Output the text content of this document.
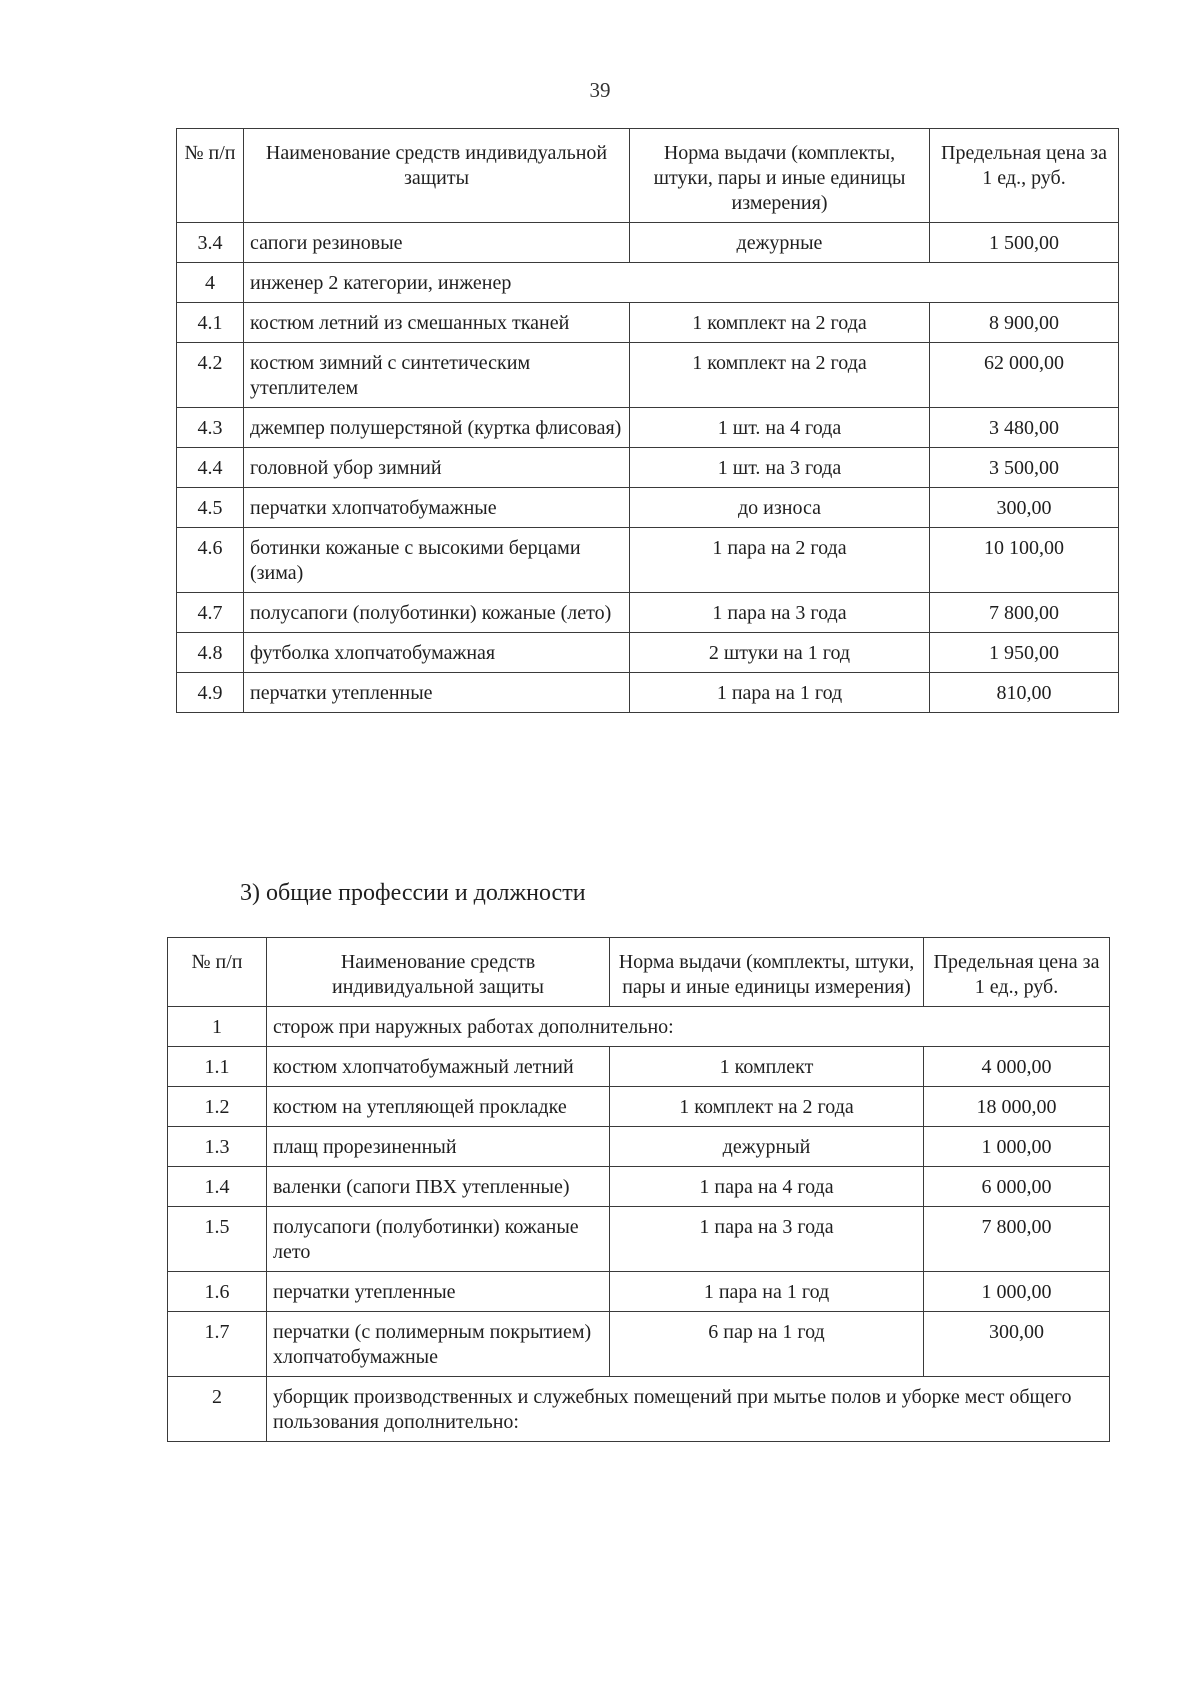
39
№ п/п	Наименование средств индивидуальной защиты	Норма выдачи (комплекты, штуки, пары и иные единицы измерения)	Предельная цена за 1 ед., руб.
3.4	сапоги резиновые	дежурные	1 500,00
4	инженер 2 категории, инженер		
4.1	костюм летний из смешанных тканей	1 комплект на 2 года	8 900,00
4.2	костюм зимний с синтетическим утеплителем	1 комплект на 2 года	62 000,00
4.3	джемпер полушерстяной (куртка флисовая)	1 шт. на 4 года	3 480,00
4.4	головной убор зимний	1 шт. на 3 года	3 500,00
4.5	перчатки хлопчатобумажные	до износа	300,00
4.6	ботинки кожаные с высокими берцами (зима)	1 пара на 2 года	10 100,00
4.7	полусапоги (полуботинки) кожаные (лето)	1 пара на 3 года	7 800,00
4.8	футболка хлопчатобумажная	2 штуки на 1 год	1 950,00
4.9	перчатки утепленные	1 пара на 1 год	810,00
3) общие профессии и должности
№ п/п	Наименование средств индивидуальной защиты	Норма выдачи (комплекты, штуки, пары и иные единицы измерения)	Предельная цена за 1 ед., руб.
1	сторож при наружных работах дополнительно:		
1.1	костюм хлопчатобумажный летний	1 комплект	4 000,00
1.2	костюм на утепляющей прокладке	1 комплект на 2 года	18 000,00
1.3	плащ прорезиненный	дежурный	1 000,00
1.4	валенки (сапоги ПВХ утепленные)	1 пара на 4 года	6 000,00
1.5	полусапоги (полуботинки) кожаные лето	1 пара на 3 года	7 800,00
1.6	перчатки утепленные	1 пара на 1 год	1 000,00
1.7	перчатки (с полимерным покрытием) хлопчатобумажные	6 пар на 1 год	300,00
2	уборщик производственных и служебных помещений при мытье полов и уборке мест общего пользования дополнительно:		
